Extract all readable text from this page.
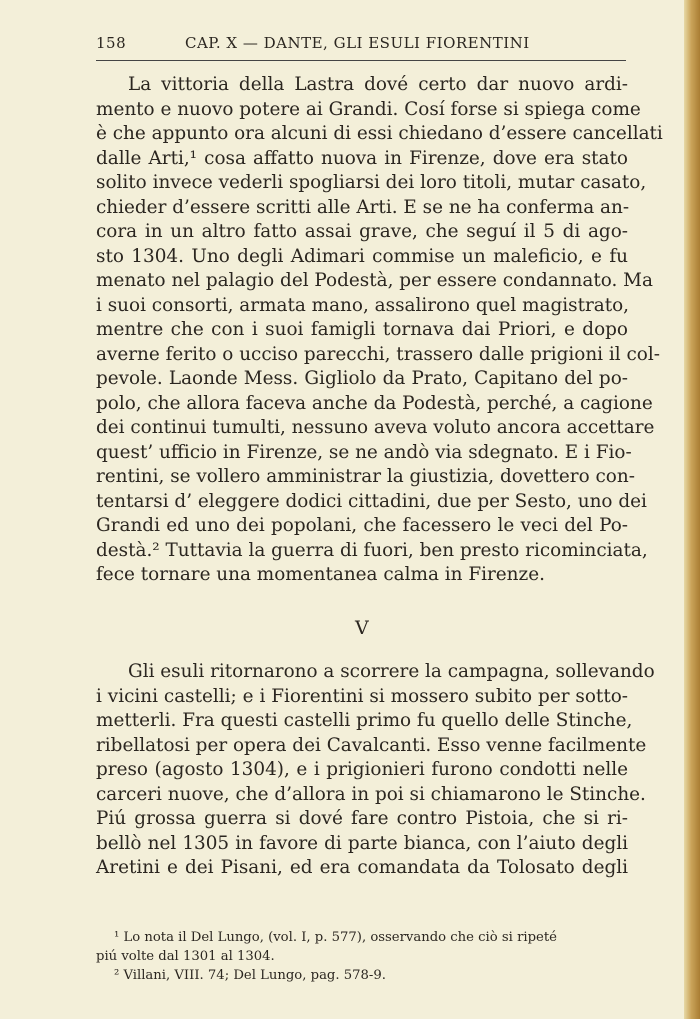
158	CAP. X — DANTE, GLI ESULI FIORENTINI
La vittoria della Lastra dové certo dar nuovo ardi-
mento e nuovo potere ai Grandi. Cosí forse si spiega come
è che appunto ora alcuni di essi chiedano d’essere cancellati
dalle Arti,¹ cosa affatto nuova in Firenze, dove era stato
solito invece vederli spogliarsi dei loro titoli, mutar casato,
chieder d’essere scritti alle Arti. E se ne ha conferma an-
cora in un altro fatto assai grave, che seguí il 5 di ago-
sto 1304. Uno degli Adimari commise un maleficio, e fu
menato nel palagio del Podestà, per essere condannato. Ma
i suoi consorti, armata mano, assalirono quel magistrato,
mentre che con i suoi famigli tornava dai Priori, e dopo
averne ferito o ucciso parecchi, trassero dalle prigioni il col-
pevole. Laonde Mess. Gigliolo da Prato, Capitano del po-
polo, che allora faceva anche da Podestà, perché, a cagione
dei continui tumulti, nessuno aveva voluto ancora accettare
quest’ ufficio in Firenze, se ne andò via sdegnato. E i Fio-
rentini, se vollero amministrar la giustizia, dovettero con-
tentarsi d’ eleggere dodici cittadini, due per Sesto, uno dei
Grandi ed uno dei popolani, che facessero le veci del Po-
destà.² Tuttavia la guerra di fuori, ben presto ricominciata,
fece tornare una momentanea calma in Firenze.
V
Gli esuli ritornarono a scorrere la campagna, sollevando
i vicini castelli; e i Fiorentini si mossero subito per sotto-
metterli. Fra questi castelli primo fu quello delle Stinche,
ribellatosi per opera dei Cavalcanti. Esso venne facilmente
preso (agosto 1304), e i prigionieri furono condotti nelle
carceri nuove, che d’allora in poi si chiamarono le Stinche.
Piú grossa guerra si dové fare contro Pistoia, che si ri-
bellò nel 1305 in favore di parte bianca, con l’aiuto degli
Aretini e dei Pisani, ed era comandata da Tolosato degli
¹ Lo nota il Del Lungo, (vol. I, p. 577), osservando che ciò si ripeté
piú volte dal 1301 al 1304.
² Villani, VIII. 74; Del Lungo, pag. 578-9.
